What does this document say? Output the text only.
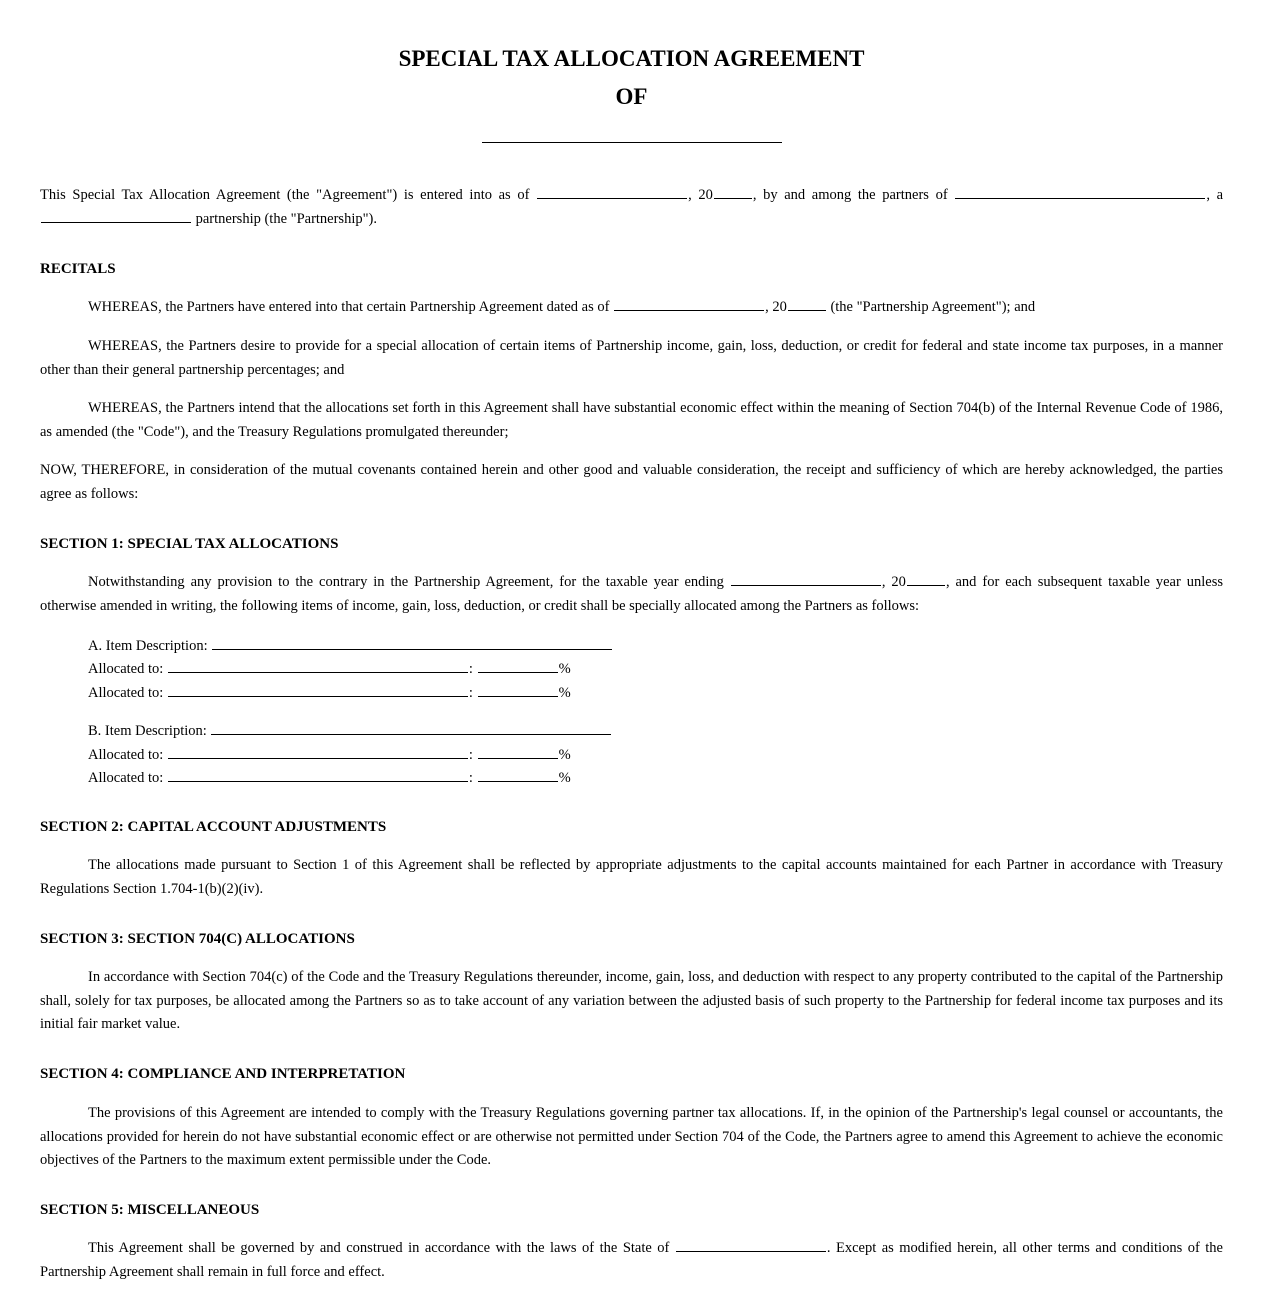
SPECIAL TAX ALLOCATION AGREEMENT
OF
This Special Tax Allocation Agreement (the "Agreement") is entered into as of	, 20	, by and among the partners of	, a  partnership (the "Partnership").
RECITALS
WHEREAS, the Partners have entered into that certain Partnership Agreement dated as of	, 20	(the "Partnership Agreement"); and
WHEREAS, the Partners desire to provide for a special allocation of certain items of Partnership income, gain, loss, deduction, or credit for federal and state income tax purposes, in a manner other than their general partnership percentages; and
WHEREAS, the Partners intend that the allocations set forth in this Agreement shall have substantial economic effect within the meaning of Section 704(b) of the Internal Revenue Code of 1986, as amended (the "Code"), and the Treasury Regulations promulgated thereunder;
NOW, THEREFORE, in consideration of the mutual covenants contained herein and other good and valuable consideration, the receipt and sufficiency of which are hereby acknowledged, the parties agree as follows:
SECTION 1: SPECIAL TAX ALLOCATIONS
Notwithstanding any provision to the contrary in the Partnership Agreement, for the taxable year ending	, 20	, and for each subsequent taxable year unless otherwise amended in writing, the following items of income, gain, loss, deduction, or credit shall be specially allocated among the Partners as follows:
A. Item Description:
Allocated to:	:	%
Allocated to:	:	%
B. Item Description:
Allocated to:	:	%
Allocated to:	:	%
SECTION 2: CAPITAL ACCOUNT ADJUSTMENTS
The allocations made pursuant to Section 1 of this Agreement shall be reflected by appropriate adjustments to the capital accounts maintained for each Partner in accordance with Treasury Regulations Section 1.704-1(b)(2)(iv).
SECTION 3: SECTION 704(C) ALLOCATIONS
In accordance with Section 704(c) of the Code and the Treasury Regulations thereunder, income, gain, loss, and deduction with respect to any property contributed to the capital of the Partnership shall, solely for tax purposes, be allocated among the Partners so as to take account of any variation between the adjusted basis of such property to the Partnership for federal income tax purposes and its initial fair market value.
SECTION 4: COMPLIANCE AND INTERPRETATION
The provisions of this Agreement are intended to comply with the Treasury Regulations governing partner tax allocations. If, in the opinion of the Partnership's legal counsel or accountants, the allocations provided for herein do not have substantial economic effect or are otherwise not permitted under Section 704 of the Code, the Partners agree to amend this Agreement to achieve the economic objectives of the Partners to the maximum extent permissible under the Code.
SECTION 5: MISCELLANEOUS
This Agreement shall be governed by and construed in accordance with the laws of the State of	. Except as modified herein, all other terms and conditions of the Partnership Agreement shall remain in full force and effect.
